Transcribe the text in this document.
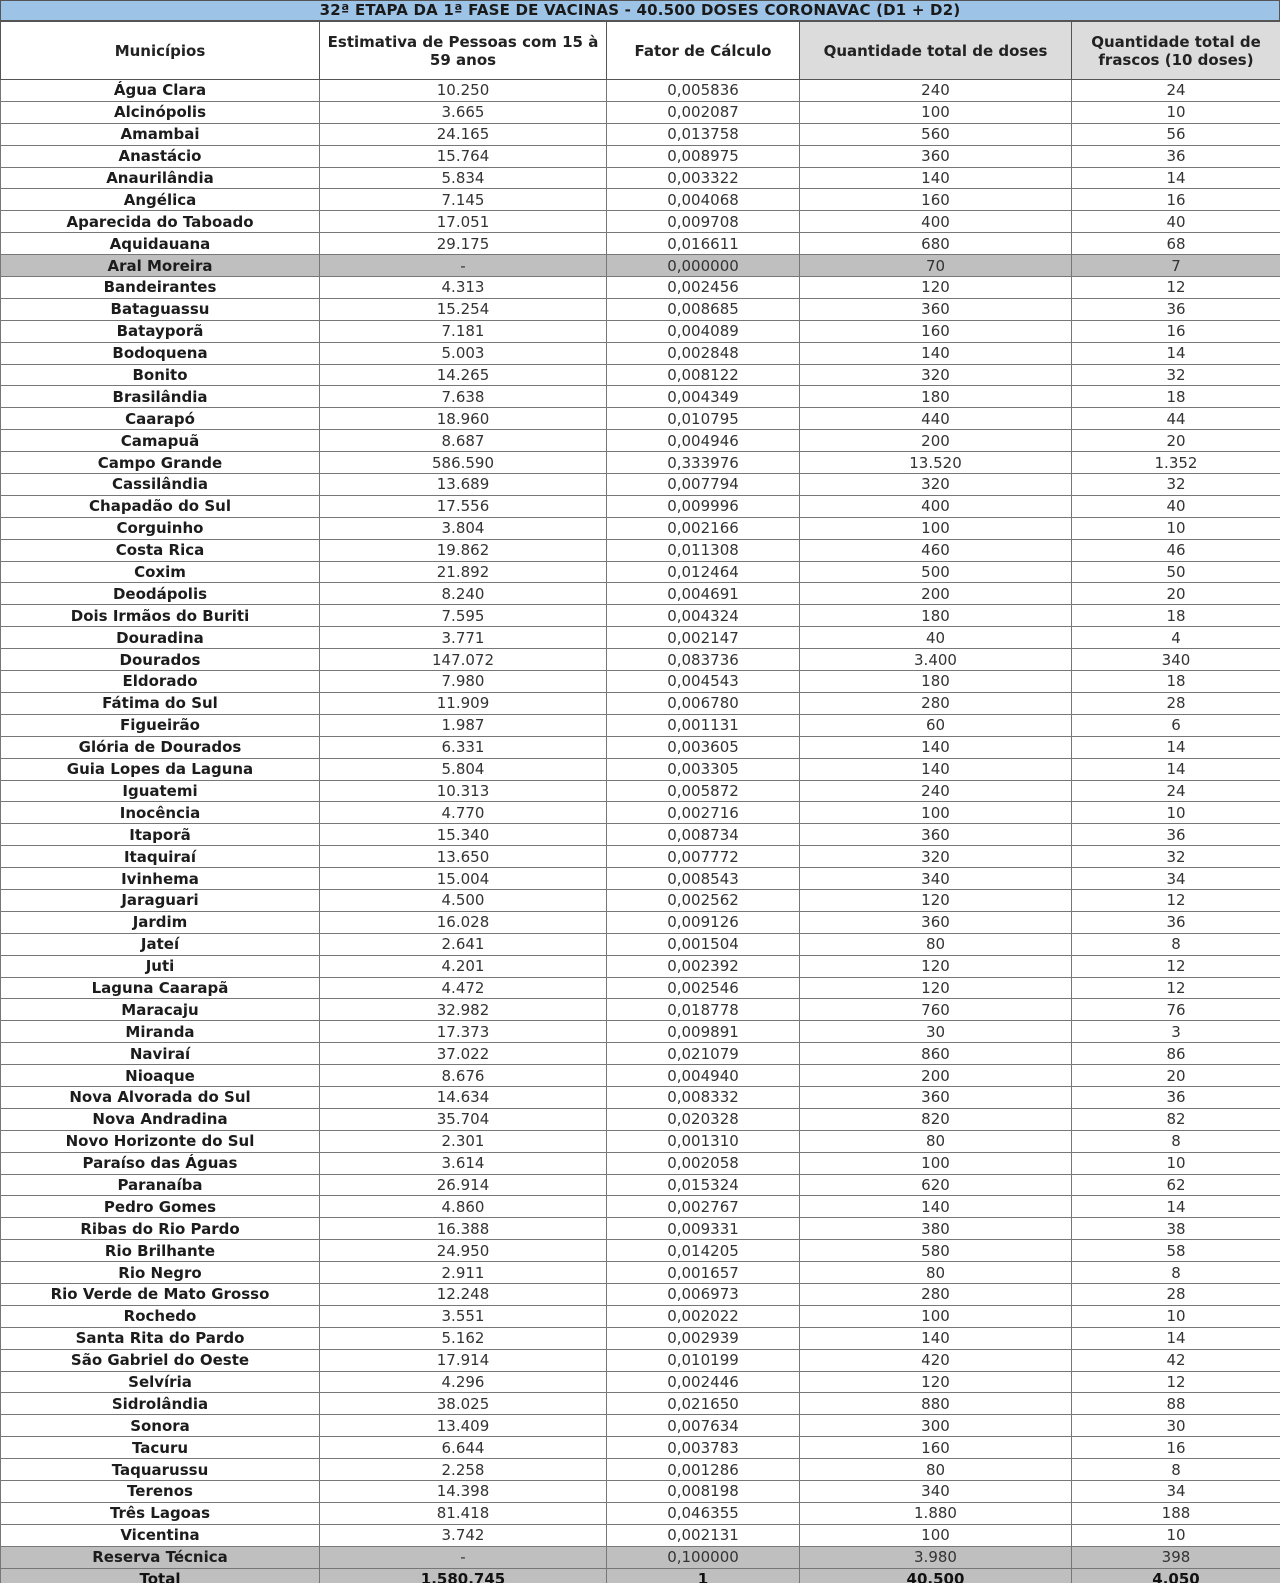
32ª ETAPA DA 1ª FASE DE VACINAS - 40.500 DOSES CORONAVAC (D1 + D2)
Municípios	Estimativa de Pessoas com 15 à 59 anos	Fator de Cálculo	Quantidade total de doses	Quantidade total de frascos (10 doses)
Água Clara	10.250	0,005836	240	24
Alcinópolis	3.665	0,002087	100	10
Amambai	24.165	0,013758	560	56
Anastácio	15.764	0,008975	360	36
Anaurilândia	5.834	0,003322	140	14
Angélica	7.145	0,004068	160	16
Aparecida do Taboado	17.051	0,009708	400	40
Aquidauana	29.175	0,016611	680	68
Aral Moreira	-	0,000000	70	7
Bandeirantes	4.313	0,002456	120	12
Bataguassu	15.254	0,008685	360	36
Batayporã	7.181	0,004089	160	16
Bodoquena	5.003	0,002848	140	14
Bonito	14.265	0,008122	320	32
Brasilândia	7.638	0,004349	180	18
Caarapó	18.960	0,010795	440	44
Camapuã	8.687	0,004946	200	20
Campo Grande	586.590	0,333976	13.520	1.352
Cassilândia	13.689	0,007794	320	32
Chapadão do Sul	17.556	0,009996	400	40
Corguinho	3.804	0,002166	100	10
Costa Rica	19.862	0,011308	460	46
Coxim	21.892	0,012464	500	50
Deodápolis	8.240	0,004691	200	20
Dois Irmãos do Buriti	7.595	0,004324	180	18
Douradina	3.771	0,002147	40	4
Dourados	147.072	0,083736	3.400	340
Eldorado	7.980	0,004543	180	18
Fátima do Sul	11.909	0,006780	280	28
Figueirão	1.987	0,001131	60	6
Glória de Dourados	6.331	0,003605	140	14
Guia Lopes da Laguna	5.804	0,003305	140	14
Iguatemi	10.313	0,005872	240	24
Inocência	4.770	0,002716	100	10
Itaporã	15.340	0,008734	360	36
Itaquiraí	13.650	0,007772	320	32
Ivinhema	15.004	0,008543	340	34
Jaraguari	4.500	0,002562	120	12
Jardim	16.028	0,009126	360	36
Jateí	2.641	0,001504	80	8
Juti	4.201	0,002392	120	12
Laguna Caarapã	4.472	0,002546	120	12
Maracaju	32.982	0,018778	760	76
Miranda	17.373	0,009891	30	3
Naviraí	37.022	0,021079	860	86
Nioaque	8.676	0,004940	200	20
Nova Alvorada do Sul	14.634	0,008332	360	36
Nova Andradina	35.704	0,020328	820	82
Novo Horizonte do Sul	2.301	0,001310	80	8
Paraíso das Águas	3.614	0,002058	100	10
Paranaíba	26.914	0,015324	620	62
Pedro Gomes	4.860	0,002767	140	14
Ribas do Rio Pardo	16.388	0,009331	380	38
Rio Brilhante	24.950	0,014205	580	58
Rio Negro	2.911	0,001657	80	8
Rio Verde de Mato Grosso	12.248	0,006973	280	28
Rochedo	3.551	0,002022	100	10
Santa Rita do Pardo	5.162	0,002939	140	14
São Gabriel do Oeste	17.914	0,010199	420	42
Selvíria	4.296	0,002446	120	12
Sidrolândia	38.025	0,021650	880	88
Sonora	13.409	0,007634	300	30
Tacuru	6.644	0,003783	160	16
Taquarussu	2.258	0,001286	80	8
Terenos	14.398	0,008198	340	34
Três Lagoas	81.418	0,046355	1.880	188
Vicentina	3.742	0,002131	100	10
Reserva Técnica	-	0,100000	3.980	398
Total	1.580.745	1	40.500	4.050
